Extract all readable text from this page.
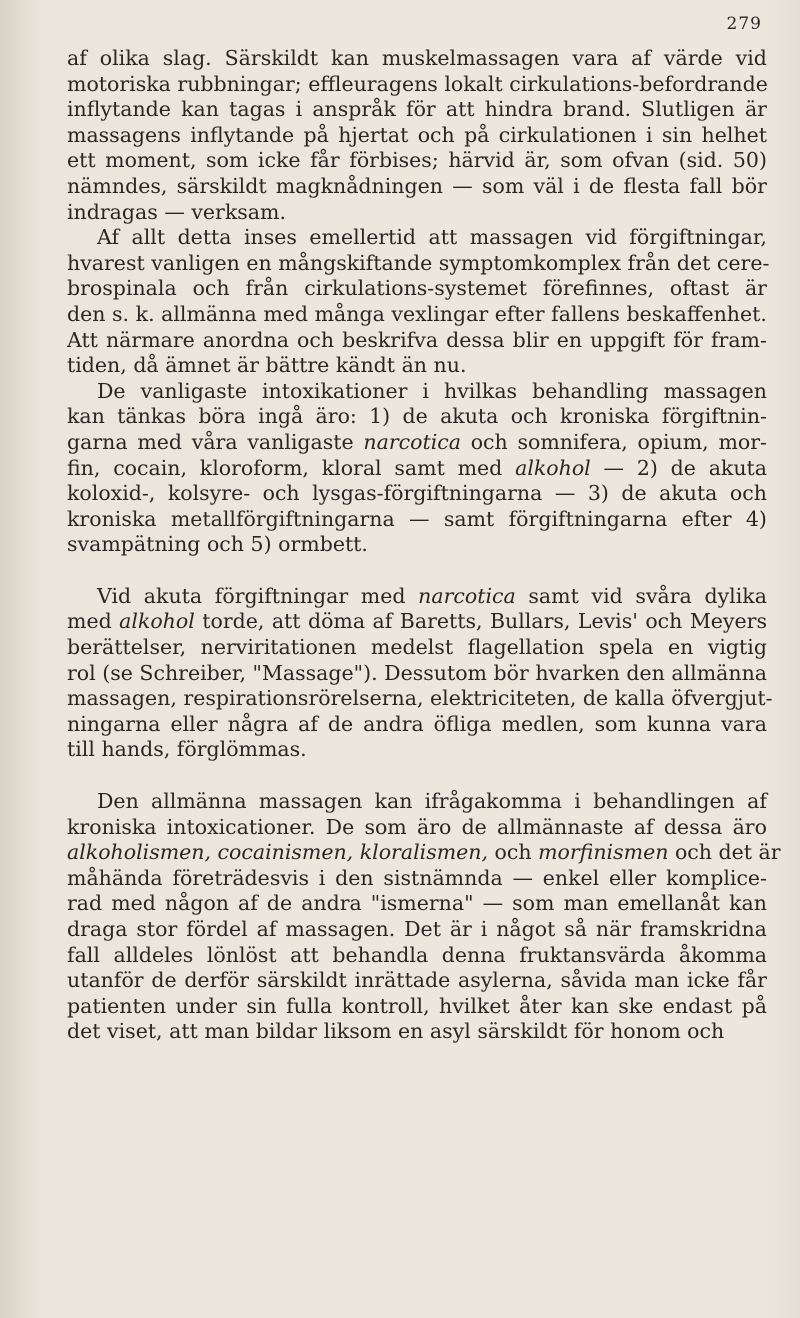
279
af olika slag. Särskildt kan muskelmassagen vara af värde vid
motoriska rubbningar; effleuragens lokalt cirkulations-befordrande
inflytande kan tagas i anspråk för att hindra brand. Slutligen är
massagens inflytande på hjertat och på cirkulationen i sin helhet
ett moment, som icke får förbises; härvid är, som ofvan (sid. 50)
nämndes, särskildt magknådningen — som väl i de flesta fall bör
indragas — verksam.
Af allt detta inses emellertid att massagen vid förgiftningar,
hvarest vanligen en mångskiftande symptomkomplex från det cere-
brospinala och från cirkulations-systemet förefinnes, oftast är
den s. k. allmänna med många vexlingar efter fallens beskaffenhet.
Att närmare anordna och beskrifva dessa blir en uppgift för fram-
tiden, då ämnet är bättre kändt än nu.
De vanligaste intoxikationer i hvilkas behandling massagen
kan tänkas böra ingå äro: 1) de akuta och kroniska förgiftnin-
garna med våra vanligaste narcotica och somnifera, opium, mor-
fin, cocain, kloroform, kloral samt med alkohol — 2) de akuta
koloxid-, kolsyre- och lysgas-förgiftningarna — 3) de akuta och
kroniska metallförgiftningarna — samt förgiftningarna efter 4)
svampätning och 5) ormbett.
Vid akuta förgiftningar med narcotica samt vid svåra dylika
med alkohol torde, att döma af Baretts, Bullars, Levis' och Meyers
berättelser, nerviritationen medelst flagellation spela en vigtig
rol (se Schreiber, "Massage"). Dessutom bör hvarken den allmänna
massagen, respirationsrörelserna, elektriciteten, de kalla öfvergjut-
ningarna eller några af de andra öfliga medlen, som kunna vara
till hands, förglömmas.
Den allmänna massagen kan ifrågakomma i behandlingen af
kroniska intoxicationer. De som äro de allmännaste af dessa äro
alkoholismen, cocainismen, kloralismen, och morfinismen och det är
måhända företrädesvis i den sistnämnda — enkel eller komplice-
rad med någon af de andra "ismerna" — som man emellanåt kan
draga stor fördel af massagen. Det är i något så när framskridna
fall alldeles lönlöst att behandla denna fruktansvärda åkomma
utanför de derför särskildt inrättade asylerna, såvida man icke får
patienten under sin fulla kontroll, hvilket åter kan ske endast på
det viset, att man bildar liksom en asyl särskildt för honom och
